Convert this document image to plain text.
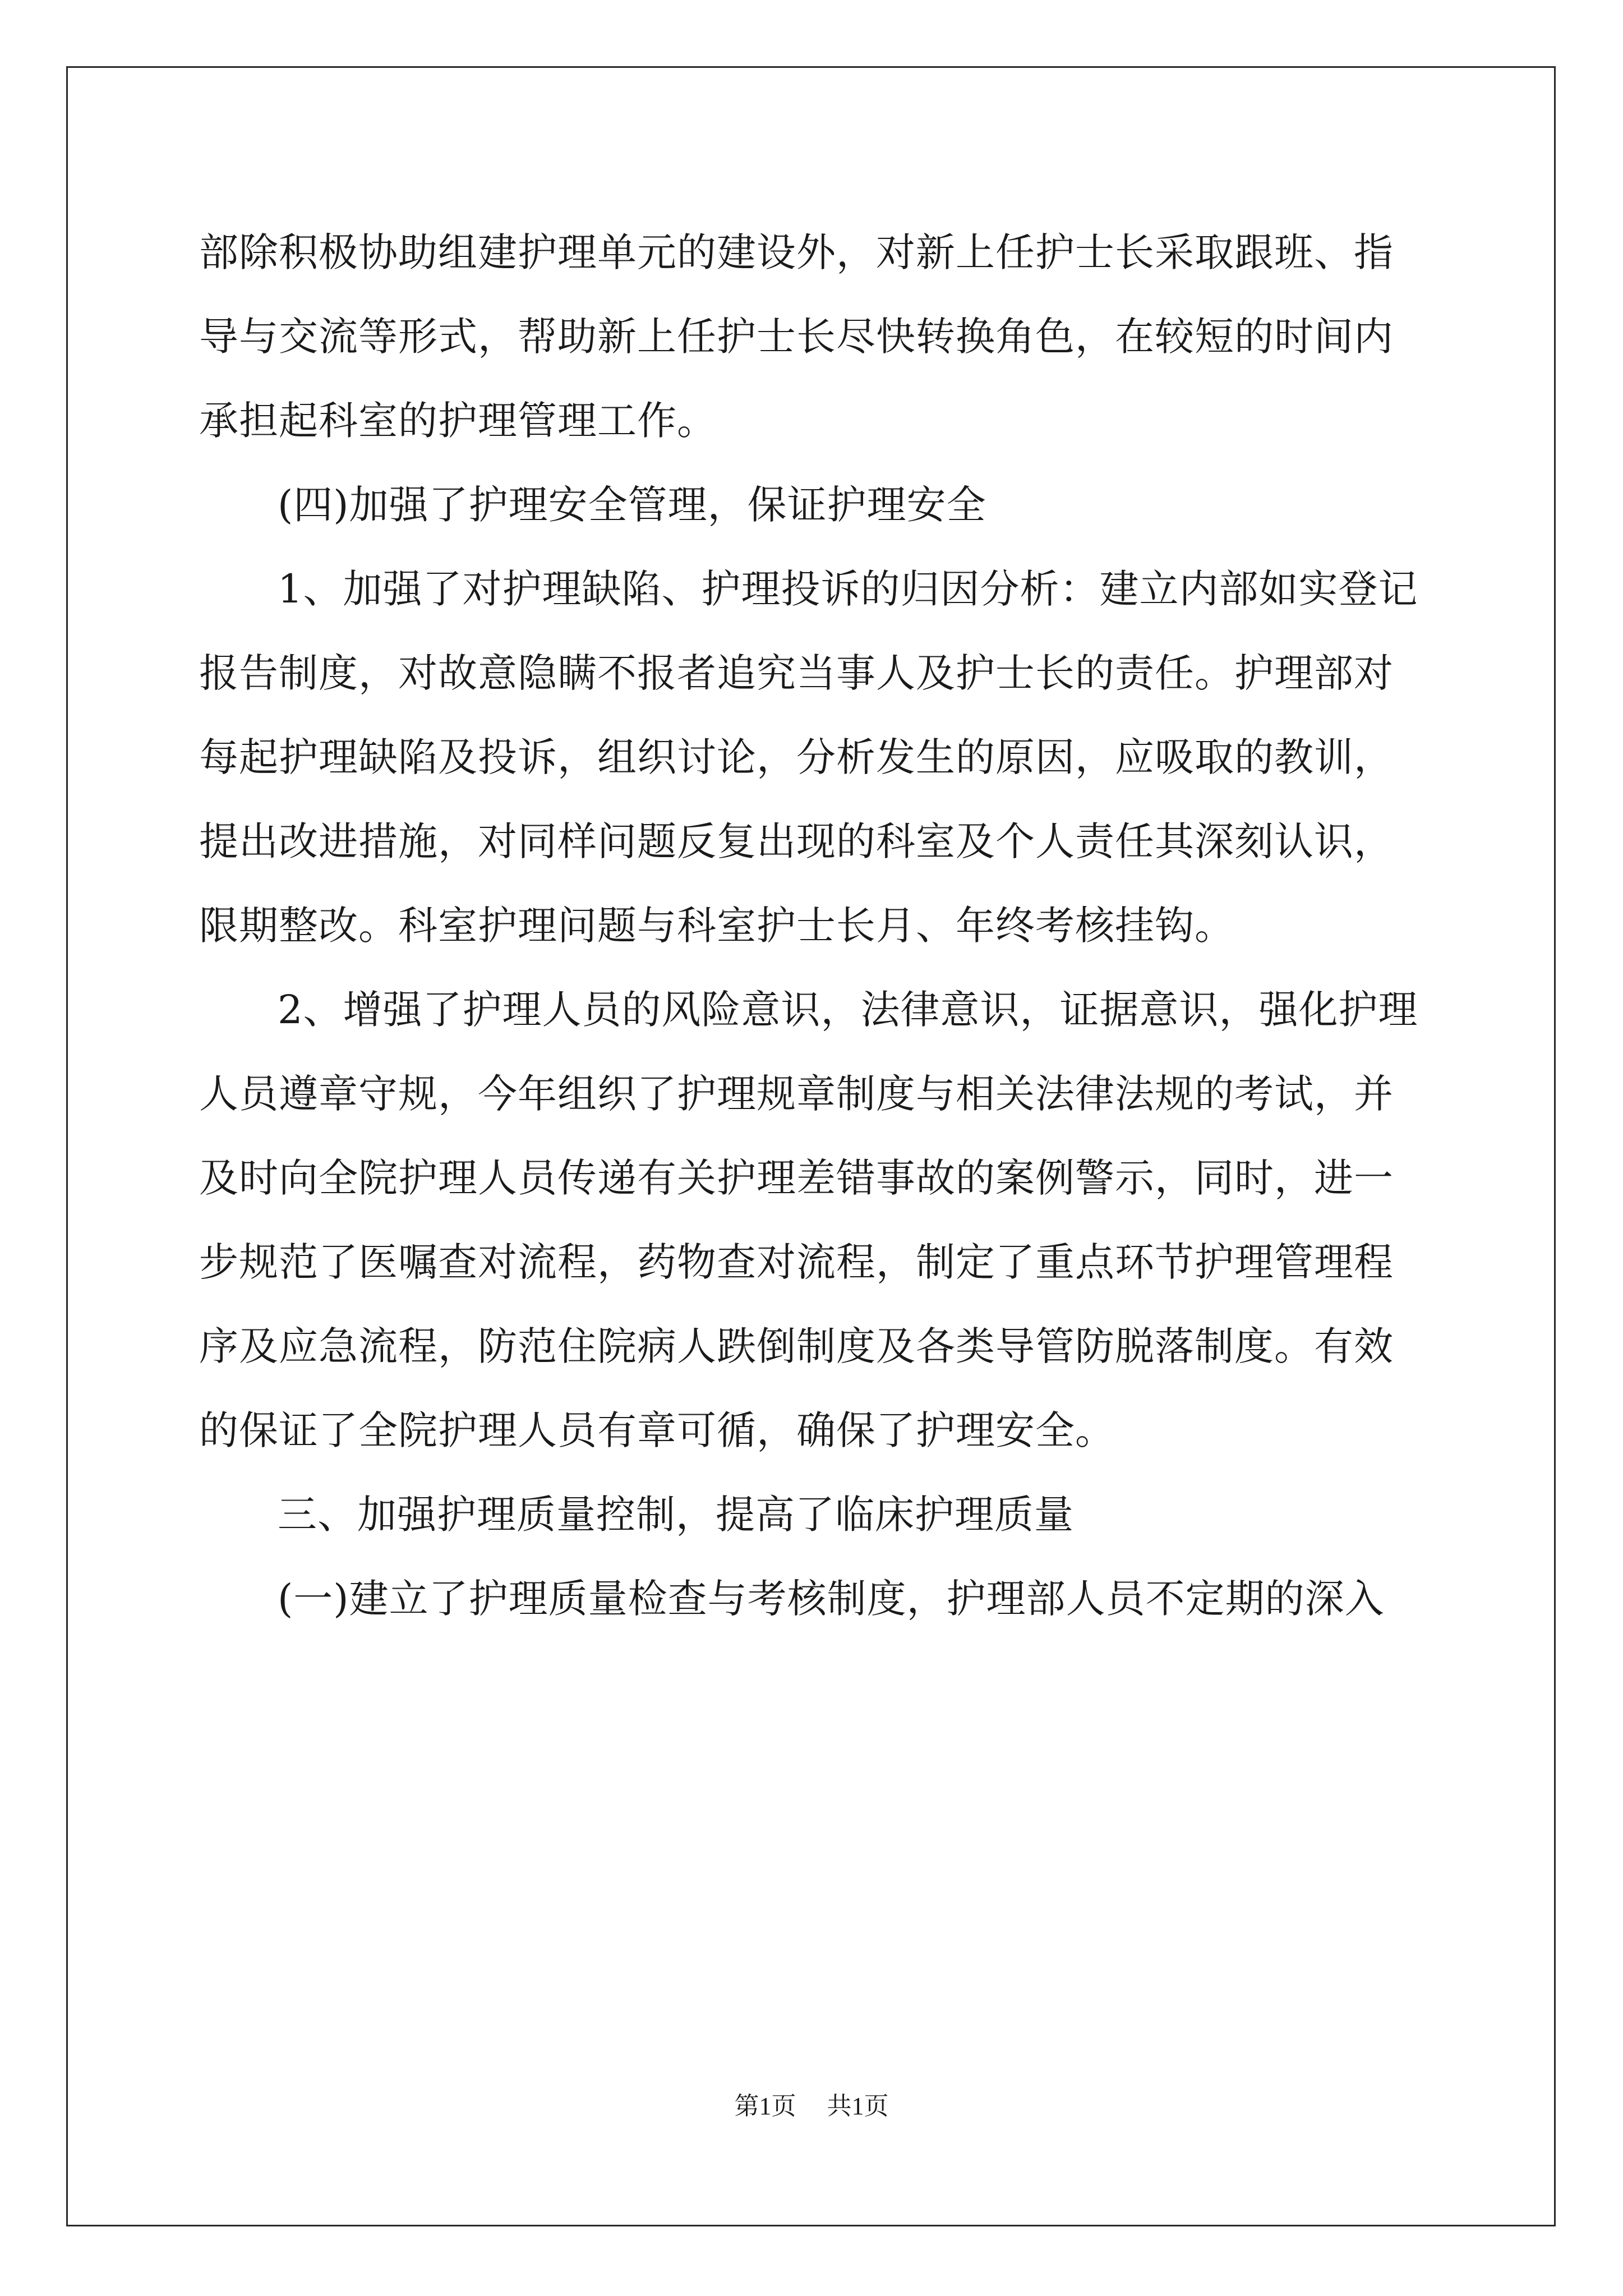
部除积极协助组建护理单元的建设外，对新上任护士长采取跟班、指
导与交流等形式，帮助新上任护士长尽快转换角色，在较短的时间内
承担起科室的护理管理工作。
(四)加强了护理安全管理，保证护理安全
1、加强了对护理缺陷、护理投诉的归因分析：建立内部如实登记
报告制度，对故意隐瞒不报者追究当事人及护士长的责任。护理部对
每起护理缺陷及投诉，组织讨论，分析发生的原因，应吸取的教训，
提出改进措施，对同样问题反复出现的科室及个人责任其深刻认识，
限期整改。科室护理问题与科室护士长月、年终考核挂钩。
2、增强了护理人员的风险意识，法律意识，证据意识，强化护理
人员遵章守规，今年组织了护理规章制度与相关法律法规的考试，并
及时向全院护理人员传递有关护理差错事故的案例警示，同时，进一
步规范了医嘱查对流程，药物查对流程，制定了重点环节护理管理程
序及应急流程，防范住院病人跌倒制度及各类导管防脱落制度。有效
的保证了全院护理人员有章可循，确保了护理安全。
三、加强护理质量控制，提高了临床护理质量
(一)建立了护理质量检查与考核制度，护理部人员不定期的深入
第1页 共1页
